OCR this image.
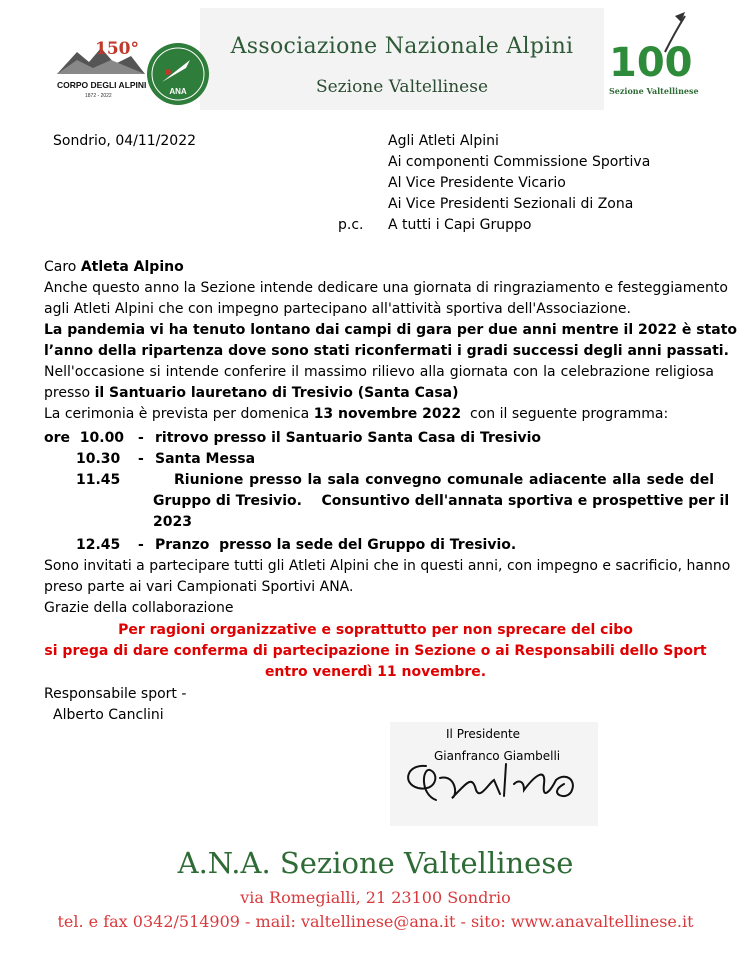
Associazione Nazionale Alpini
Sezione Valtellinese
150°
CORPO DEGLI ALPINI
1872 - 2022	ANA
100
Sezione Valtellinese
Sondrio, 04/11/2022	Agli Atleti Alpini
Ai componenti Commissione Sportiva
Al Vice Presidente Vicario
Ai Vice Presidenti Sezionali di Zona
p.c. A tutti i Capi Gruppo
Caro Atleta Alpino
Anche questo anno la Sezione intende dedicare una giornata di ringraziamento e festeggiamento
agli Atleti Alpini che con impegno partecipano all'attività sportiva dell'Associazione.
La pandemia vi ha tenuto lontano dai campi di gara per due anni mentre il 2022 è stato
l’anno della ripartenza dove sono stati riconfermati i gradi successi degli anni passati.
Nell'occasione si intende conferire il massimo rilievo alla giornata con la celebrazione religiosa
presso il Santuario lauretano di Tresivio (Santa Casa)
La cerimonia è prevista per domenica 13 novembre 2022  con il seguente programma:
ore  10.00 - ritrovo presso il Santuario Santa Casa di Tresivio
10.30 - Santa Messa
11.45	Riunione presso la sala convegno comunale adiacente alla sede del
Gruppo di Tresivio.    Consuntivo dell'annata sportiva e prospettive per il
2023
12.45 - Pranzo  presso la sede del Gruppo di Tresivio.
Sono invitati a partecipare tutti gli Atleti Alpini che in questi anni, con impegno e sacrificio, hanno
preso parte ai vari Campionati Sportivi ANA.
Grazie della collaborazione
Per ragioni organizzative e soprattutto per non sprecare del cibo
si prega di dare conferma di partecipazione in Sezione o ai Responsabili dello Sport
entro venerdì 11 novembre.
Responsabile sport -
Alberto Canclini
Il Presidente
Gianfranco Giambelli
A.N.A. Sezione Valtellinese
via Romegialli, 21 23100 Sondrio
tel. e fax 0342/514909 - mail: valtellinese@ana.it - sito: www.anavaltellinese.it
